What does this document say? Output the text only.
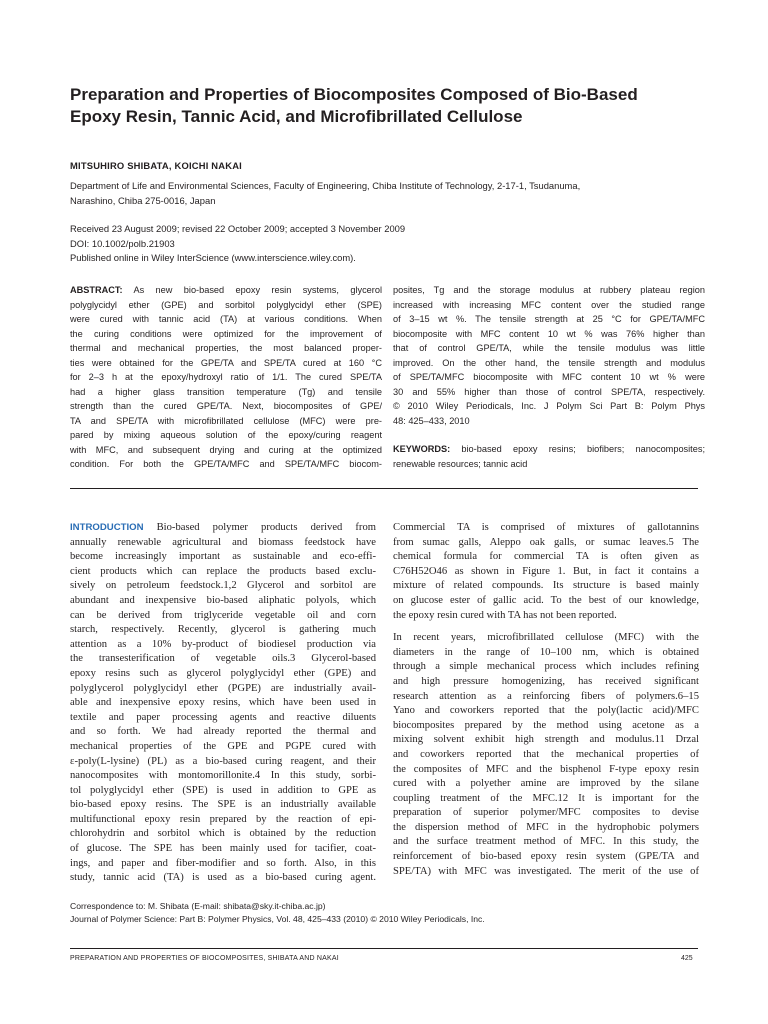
Preparation and Properties of Biocomposites Composed of Bio-Based
Epoxy Resin, Tannic Acid, and Microfibrillated Cellulose
MITSUHIRO SHIBATA, KOICHI NAKAI
Department of Life and Environmental Sciences, Faculty of Engineering, Chiba Institute of Technology, 2-17-1, Tsudanuma,
Narashino, Chiba 275-0016, Japan
Received 23 August 2009; revised 22 October 2009; accepted 3 November 2009
DOI: 10.1002/polb.21903
Published online in Wiley InterScience (www.interscience.wiley.com).
ABSTRACT: As new bio-based epoxy resin systems, glycerol
polyglycidyl ether (GPE) and sorbitol polyglycidyl ether (SPE)
were cured with tannic acid (TA) at various conditions. When
the curing conditions were optimized for the improvement of
thermal and mechanical properties, the most balanced proper-
ties were obtained for the GPE/TA and SPE/TA cured at 160 °C
for 2–3 h at the epoxy/hydroxyl ratio of 1/1. The cured SPE/TA
had a higher glass transition temperature (Tg) and tensile
strength than the cured GPE/TA. Next, biocomposites of GPE/
TA and SPE/TA with microfibrillated cellulose (MFC) were pre-
pared by mixing aqueous solution of the epoxy/curing reagent
with MFC, and subsequent drying and curing at the optimized
condition. For both the GPE/TA/MFC and SPE/TA/MFC biocom-
posites, Tg and the storage modulus at rubbery plateau region
increased with increasing MFC content over the studied range
of 3–15 wt %. The tensile strength at 25 °C for GPE/TA/MFC
biocomposite with MFC content 10 wt % was 76% higher than
that of control GPE/TA, while the tensile modulus was little
improved. On the other hand, the tensile strength and modulus
of SPE/TA/MFC biocomposite with MFC content 10 wt % were
30 and 55% higher than those of control SPE/TA, respectively.
© 2010 Wiley Periodicals, Inc. J Polym Sci Part B: Polym Phys
48: 425–433, 2010
KEYWORDS: bio-based epoxy resins; biofibers; nanocomposites;
renewable resources; tannic acid
INTRODUCTION Bio-based polymer products derived from
annually renewable agricultural and biomass feedstock have
become increasingly important as sustainable and eco-effi-
cient products which can replace the products based exclu-
sively on petroleum feedstock.1,2 Glycerol and sorbitol are
abundant and inexpensive bio-based aliphatic polyols, which
can be derived from triglyceride vegetable oil and corn
starch, respectively. Recently, glycerol is gathering much
attention as a 10% by-product of biodiesel production via
the transesterification of vegetable oils.3 Glycerol-based
epoxy resins such as glycerol polyglycidyl ether (GPE) and
polyglycerol polyglycidyl ether (PGPE) are industrially avail-
able and inexpensive epoxy resins, which have been used in
textile and paper processing agents and reactive diluents
and so forth. We had already reported the thermal and
mechanical properties of the GPE and PGPE cured with
ε-poly(L-lysine) (PL) as a bio-based curing reagent, and their
nanocomposites with montomorillonite.4 In this study, sorbi-
tol polyglycidyl ether (SPE) is used in addition to GPE as
bio-based epoxy resins. The SPE is an industrially available
multifunctional epoxy resin prepared by the reaction of epi-
chlorohydrin and sorbitol which is obtained by the reduction
of glucose. The SPE has been mainly used for tacifier, coat-
ings, and paper and fiber-modifier and so forth. Also, in this
study, tannic acid (TA) is used as a bio-based curing agent.
Commercial TA is comprised of mixtures of gallotannins
from sumac galls, Aleppo oak galls, or sumac leaves.5 The
chemical formula for commercial TA is often given as
C76H52O46 as shown in Figure 1. But, in fact it contains a
mixture of related compounds. Its structure is based mainly
on glucose ester of gallic acid. To the best of our knowledge,
the epoxy resin cured with TA has not been reported.
In recent years, microfibrillated cellulose (MFC) with the
diameters in the range of 10–100 nm, which is obtained
through a simple mechanical process which includes refining
and high pressure homogenizing, has received significant
research attention as a reinforcing fibers of polymers.6–15
Yano and coworkers reported that the poly(lactic acid)/MFC
biocomposites prepared by the method using acetone as a
mixing solvent exhibit high strength and modulus.11 Drzal
and coworkers reported that the mechanical properties of
the composites of MFC and the bisphenol F-type epoxy resin
cured with a polyether amine are improved by the silane
coupling treatment of the MFC.12 It is important for the
preparation of superior polymer/MFC composites to devise
the dispersion method of MFC in the hydrophobic polymers
and the surface treatment method of MFC. In this study, the
reinforcement of bio-based epoxy resin system (GPE/TA and
SPE/TA) with MFC was investigated. The merit of the use of
Correspondence to: M. Shibata (E-mail: shibata@sky.it-chiba.ac.jp)
Journal of Polymer Science: Part B: Polymer Physics, Vol. 48, 425–433 (2010) © 2010 Wiley Periodicals, Inc.
PREPARATION AND PROPERTIES OF BIOCOMPOSITES, SHIBATA AND NAKAI	425
